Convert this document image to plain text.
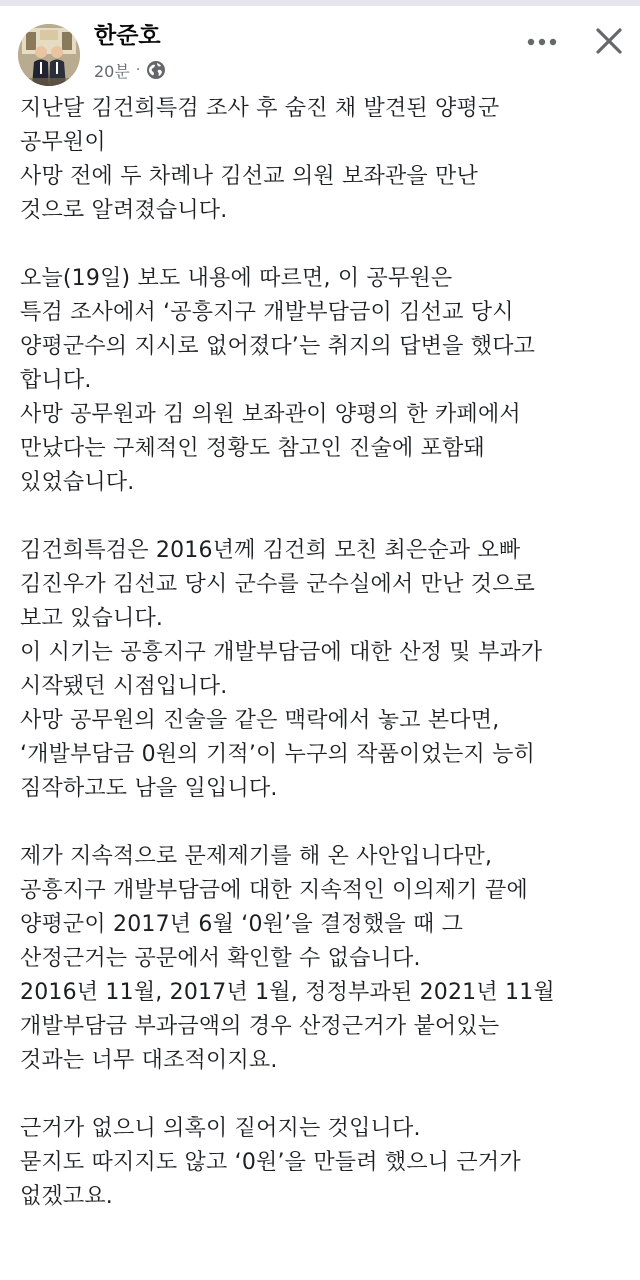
한준호
20분 ·
지난달 김건희특검 조사 후 숨진 채 발견된 양평군
공무원이
사망 전에 두 차례나 김선교 의원 보좌관을 만난
것으로 알려졌습니다.
오늘(19일) 보도 내용에 따르면, 이 공무원은
특검 조사에서 ‘공흥지구 개발부담금이 김선교 당시
양평군수의 지시로 없어졌다’는 취지의 답변을 했다고
합니다.
사망 공무원과 김 의원 보좌관이 양평의 한 카페에서
만났다는 구체적인 정황도 참고인 진술에 포함돼
있었습니다.
김건희특검은 2016년께 김건희 모친 최은순과 오빠
김진우가 김선교 당시 군수를 군수실에서 만난 것으로
보고 있습니다.
이 시기는 공흥지구 개발부담금에 대한 산정 및 부과가
시작됐던 시점입니다.
사망 공무원의 진술을 같은 맥락에서 놓고 본다면,
‘개발부담금 0원의 기적’이 누구의 작품이었는지 능히
짐작하고도 남을 일입니다.
제가 지속적으로 문제제기를 해 온 사안입니다만,
공흥지구 개발부담금에 대한 지속적인 이의제기 끝에
양평군이 2017년 6월 ‘0원’을 결정했을 때 그
산정근거는 공문에서 확인할 수 없습니다.
2016년 11월, 2017년 1월, 정정부과된 2021년 11월
개발부담금 부과금액의 경우 산정근거가 붙어있는
것과는 너무 대조적이지요.
근거가 없으니 의혹이 짙어지는 것입니다.
묻지도 따지지도 않고 ‘0원’을 만들려 했으니 근거가
없겠고요.
